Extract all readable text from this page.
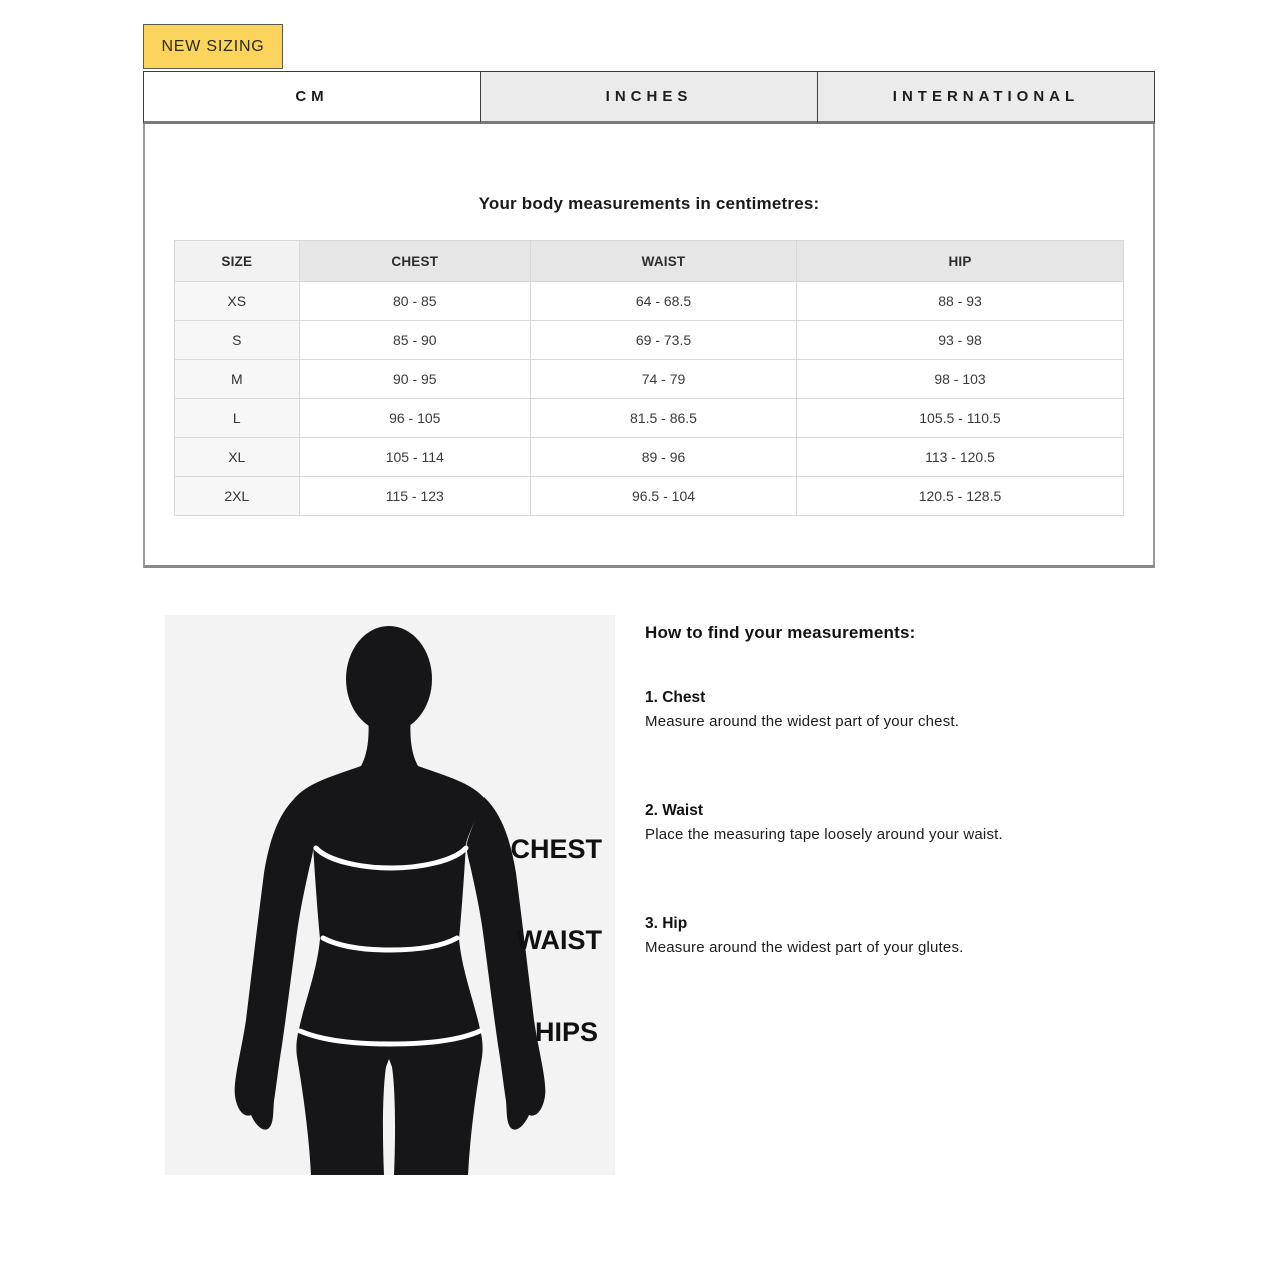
NEW SIZING
CM	INCHES	INTERNATIONAL
Your body measurements in centimetres:
SIZE	CHEST	WAIST	HIP
XS	80 - 85	64 - 68.5	88 - 93
S	85 - 90	69 - 73.5	93 - 98
M	90 - 95	74 - 79	98 - 103
L	96 - 105	81.5 - 86.5	105.5 - 110.5
XL	105 - 114	89 - 96	113 - 120.5
2XL	115 - 123	96.5 - 104	120.5 - 128.5
CHEST
WAIST
HIPS
How to find your measurements:
1. Chest
Measure around the widest part of your chest.
2. Waist
Place the measuring tape loosely around your waist.
3. Hip
Measure around the widest part of your glutes.
